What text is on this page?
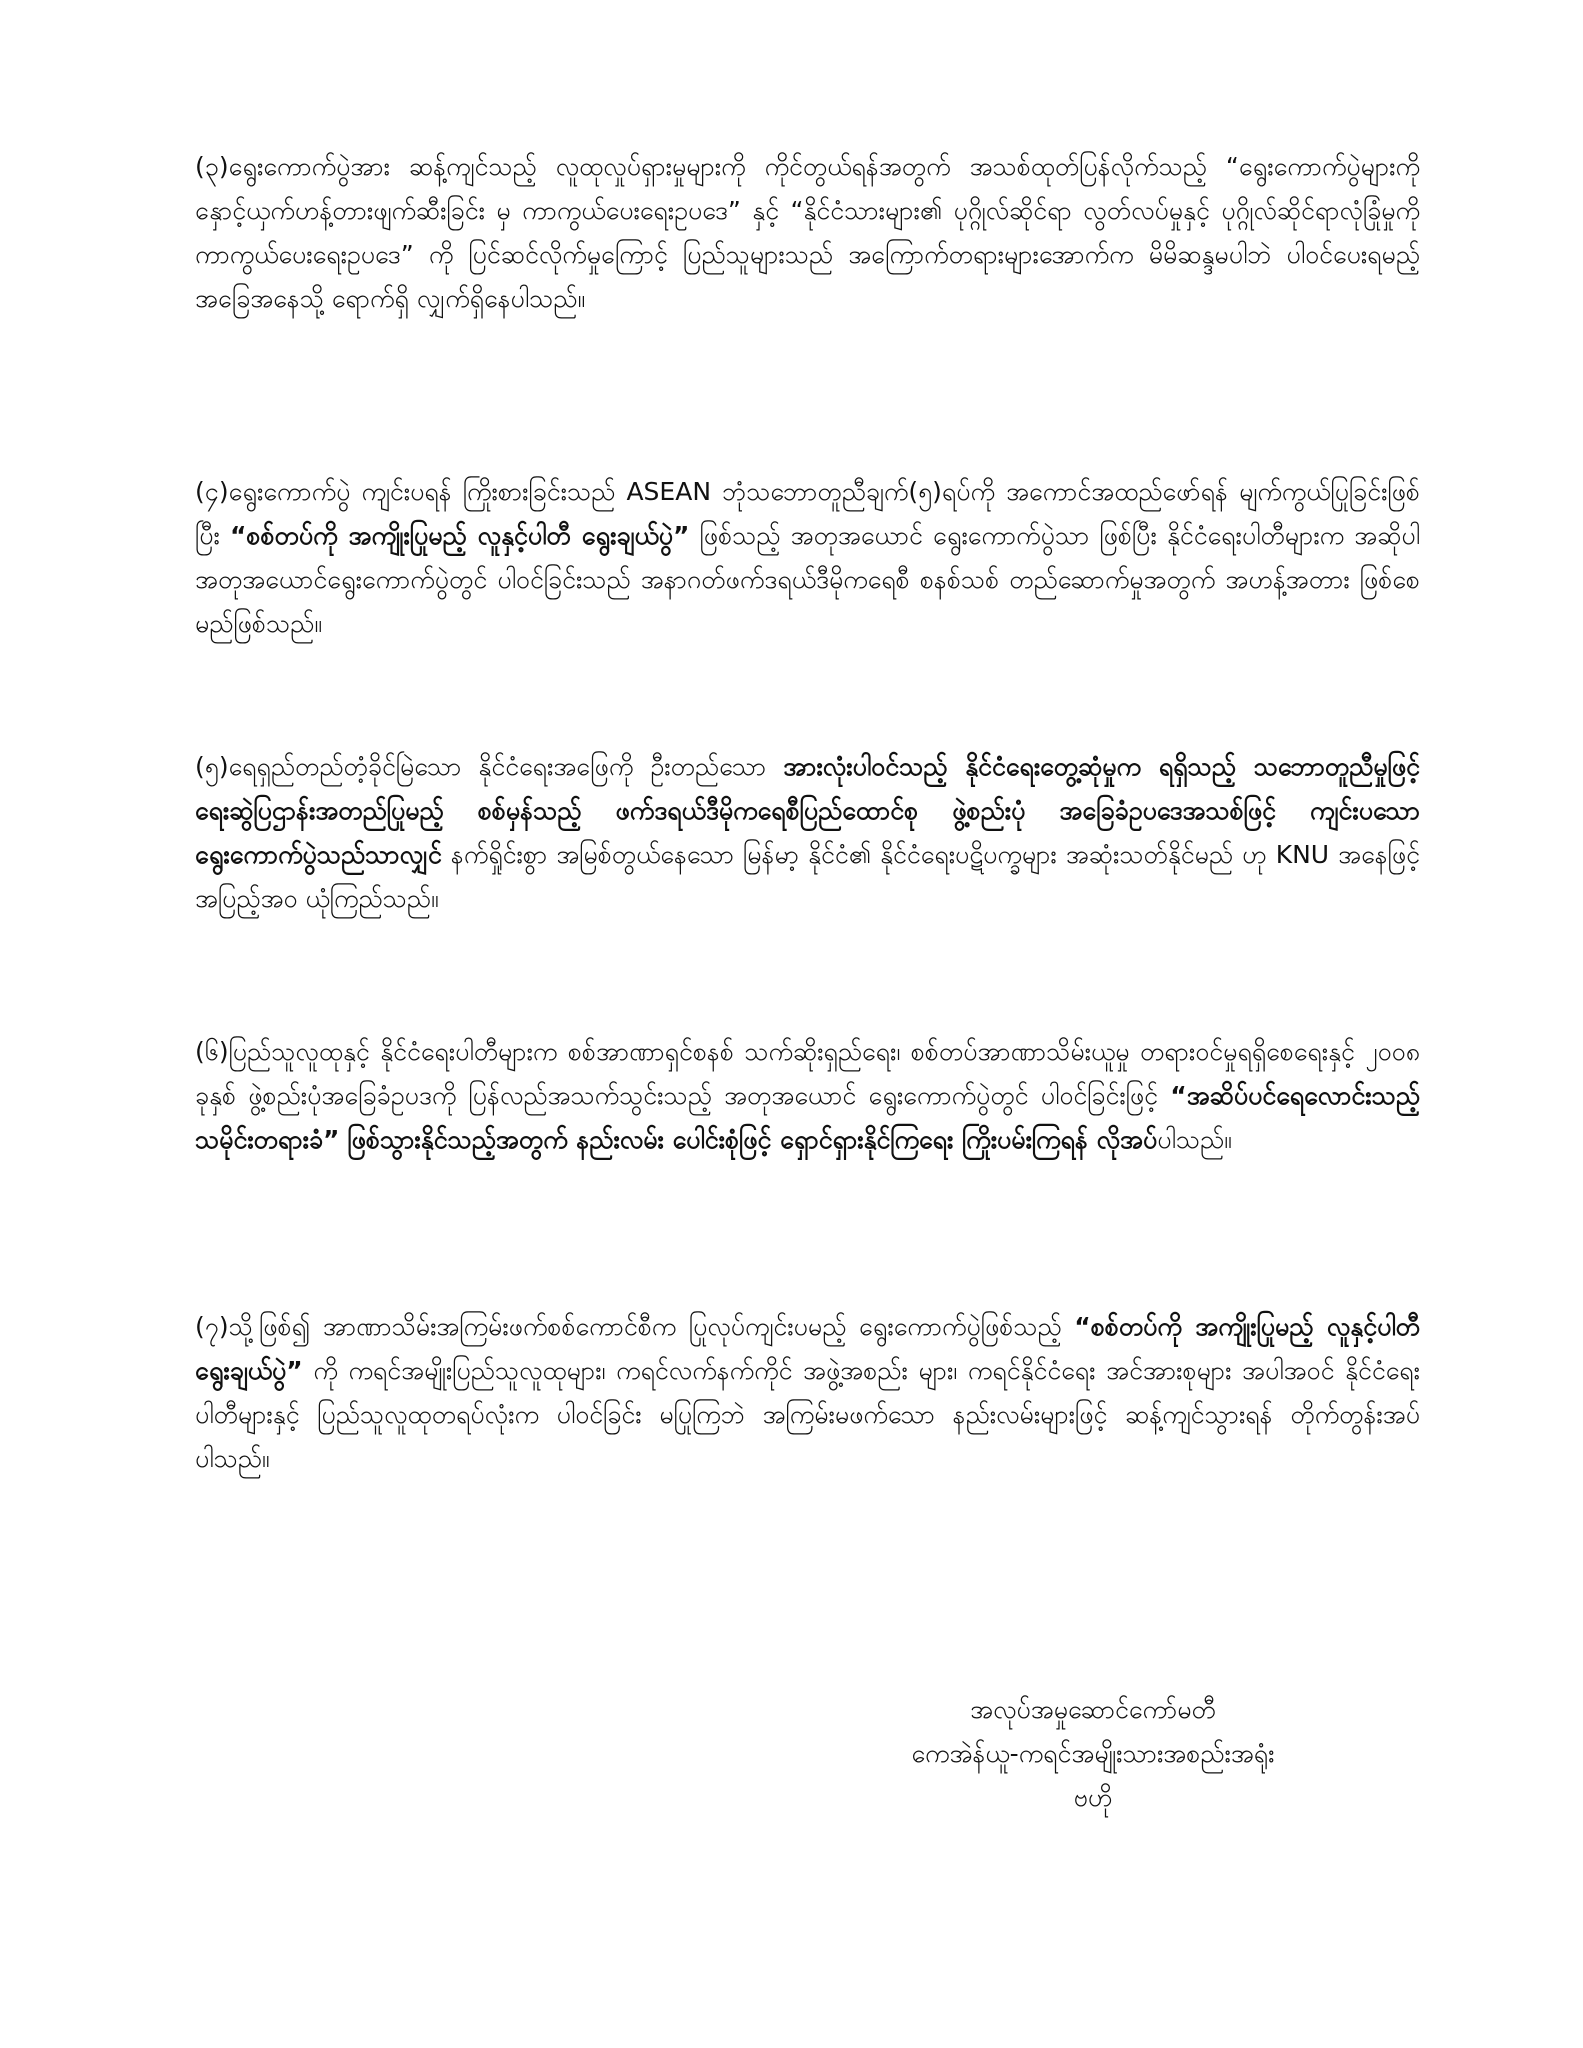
(၃)ရွေးကောက်ပွဲအား ဆန့်ကျင်သည့် လူထုလှုပ်ရှားမှုများကို ကိုင်တွယ်ရန်အတွက် အသစ်ထုတ်ပြန်လိုက်သည့် “ရွေးကောက်ပွဲများကို နှောင့်ယှက်ဟန့်တားဖျက်ဆီးခြင်း မှ ကာကွယ်ပေးရေးဥပဒေ” နှင့် “နိုင်ငံသားများ၏ ပုဂ္ဂိုလ်ဆိုင်ရာ လွတ်လပ်မှုနှင့် ပုဂ္ဂိုလ်ဆိုင်ရာလုံခြုံမှုကို ကာကွယ်ပေးရေးဥပဒေ” ကို ပြင်ဆင်လိုက်မှုကြောင့် ပြည်သူများသည် အကြောက်တရားများအောက်က မိမိဆန္ဒမပါဘဲ ပါဝင်ပေးရမည့် အခြေအနေသို့ ရောက်ရှိ လျှက်ရှိနေပါသည်။
(၄)ရွေးကောက်ပွဲ ကျင်းပရန် ကြိုးစားခြင်းသည် ASEAN ဘုံသဘောတူညီချက်(၅)ရပ်ကို အကောင်အထည်ဖော်ရန် မျက်ကွယ်ပြုခြင်းဖြစ်ပြီး “စစ်တပ်ကို အကျိုးပြုမည့် လူနှင့်ပါတီ ရွေးချယ်ပွဲ” ဖြစ်သည့် အတုအယောင် ရွေးကောက်ပွဲသာ ဖြစ်ပြီး နိုင်ငံရေးပါတီများက အဆိုပါ အတုအယောင်ရွေးကောက်ပွဲတွင် ပါဝင်ခြင်းသည် အနာဂတ်ဖက်ဒရယ်ဒီမိုကရေစီ စနစ်သစ် တည်ဆောက်မှုအတွက် အဟန့်အတား ဖြစ်စေမည်ဖြစ်သည်။
(၅)ရေရှည်တည်တံ့ခိုင်မြဲသော နိုင်ငံရေးအဖြေကို ဦးတည်သော အားလုံးပါဝင်သည့် နိုင်ငံရေးတွေ့ဆုံမှုက ရရှိသည့် သဘောတူညီမှုဖြင့် ရေးဆွဲပြဌာန်းအတည်ပြုမည့် စစ်မှန်သည့် ဖက်ဒရယ်ဒီမိုကရေစီပြည်ထောင်စု ဖွဲ့စည်းပုံ အခြေခံဥပဒေအသစ်ဖြင့် ကျင်းပသော ရွေးကောက်ပွဲသည်သာလျှင် နက်ရှိုင်းစွာ အမြစ်တွယ်နေသော မြန်မာ့ နိုင်ငံ၏ နိုင်ငံရေးပဋိပက္ခများ အဆုံးသတ်နိုင်မည် ဟု KNU အနေဖြင့် အပြည့်အဝ ယုံကြည်သည်။
(၆)ပြည်သူလူထုနှင့် နိုင်ငံရေးပါတီများက စစ်အာဏာရှင်စနစ် သက်ဆိုးရှည်ရေး၊ စစ်တပ်အာဏာသိမ်းယူမှု တရားဝင်မှုရရှိစေရေးနှင့် ၂၀၀၈ ခုနှစ် ဖွဲ့စည်းပုံအခြေခံဥပဒကို ပြန်လည်အသက်သွင်းသည့် အတုအယောင် ရွေးကောက်ပွဲတွင် ပါဝင်ခြင်းဖြင့် “အဆိပ်ပင်ရေလောင်းသည့် သမိုင်းတရားခံ” ဖြစ်သွားနိုင်သည့်အတွက် နည်းလမ်း ပေါင်းစုံဖြင့် ရှောင်ရှားနိုင်ကြရေး ကြိုးပမ်းကြရန် လိုအပ်ပါသည်။
(၇)သို့ဖြစ်၍ အာဏာသိမ်းအကြမ်းဖက်စစ်ကောင်စီက ပြုလုပ်ကျင်းပမည့် ရွေးကောက်ပွဲဖြစ်သည့် “စစ်တပ်ကို အကျိုးပြုမည့် လူနှင့်ပါတီ ရွေးချယ်ပွဲ” ကို ကရင်အမျိုးပြည်သူလူထုများ၊ ကရင်လက်နက်ကိုင် အဖွဲ့အစည်း များ၊ ကရင်နိုင်ငံရေး အင်အားစုများ အပါအဝင် နိုင်ငံရေးပါတီများနှင့် ပြည်သူလူထုတရပ်လုံးက ပါဝင်ခြင်း မပြုကြဘဲ အကြမ်းမဖက်သော နည်းလမ်းများဖြင့် ဆန့်ကျင်သွားရန် တိုက်တွန်းအပ်ပါသည်။
အလုပ်အမှုဆောင်ကော်မတီ
ကေအဲန်ယူ-ကရင်အမျိုးသားအစည်းအရုံး
ဗဟို
